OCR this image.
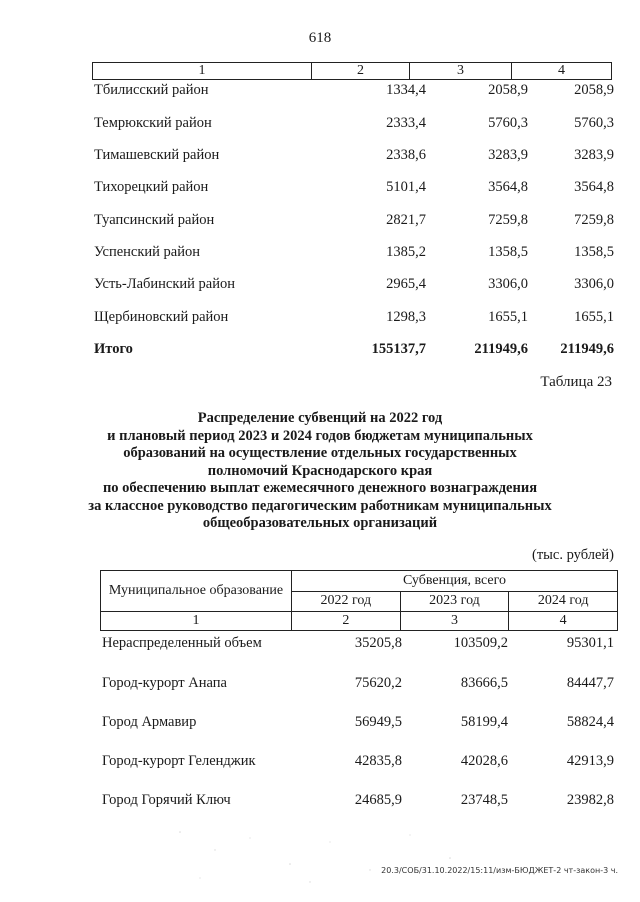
618
1	2	3	4
Тбилисский район	1334,4	2058,9	2058,9
Темрюкский район	2333,4	5760,3	5760,3
Тимашевский район	2338,6	3283,9	3283,9
Тихорецкий район	5101,4	3564,8	3564,8
Туапсинский район	2821,7	7259,8	7259,8
Успенский район	1385,2	1358,5	1358,5
Усть-Лабинский район	2965,4	3306,0	3306,0
Щербиновский район	1298,3	1655,1	1655,1
Итого	155137,7	211949,6 211949,6
Таблица 23
Распределение субвенций на 2022 год
и плановый период 2023 и 2024 годов бюджетам муниципальных
образований на осуществление отдельных государственных
полномочий Краснодарского края
по обеспечению выплат ежемесячного денежного вознаграждения
за классное руководство педагогическим работникам муниципальных
общеобразовательных организаций
(тыс. рублей)
Муниципальное образование	Субвенция, всего		
	2022 год	2023 год	2024 год
1	2	3	4
Нераспределенный объем	35205,8	103509,2	95301,1
Город-курорт Анапа	75620,2	83666,5	84447,7
Город Армавир	56949,5	58199,4	58824,4
Город-курорт Геленджик	42835,8	42028,6	42913,9
Город Горячий Ключ	24685,9	23748,5	23982,8
20.3/СОБ/31.10.2022/15:11/изм-БЮДЖЕТ-2 чт-закон-3 ч.
